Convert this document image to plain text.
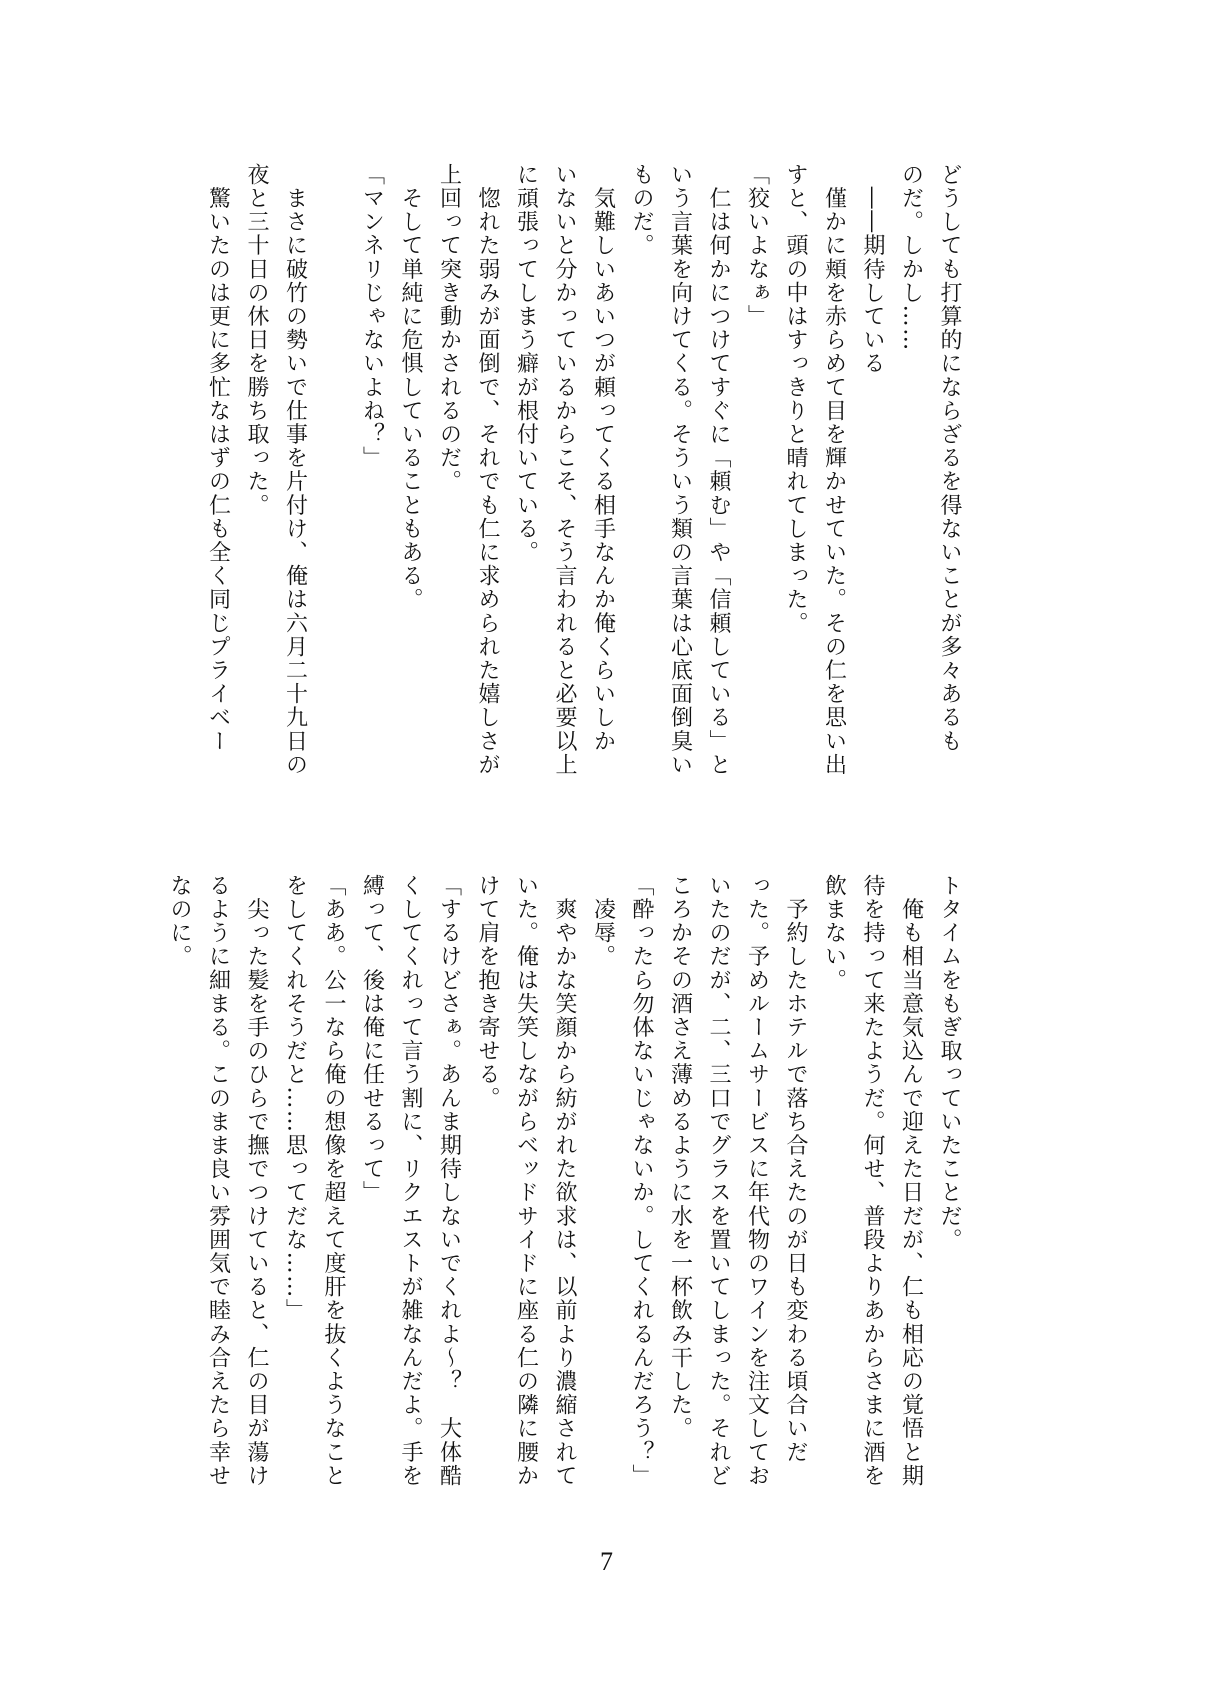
どうしても打算的にならざるを得ないことが多々あるも
のだ。しかし……
　――期待している
　僅かに頬を赤らめて目を輝かせていた。その仁を思い出
すと、頭の中はすっきりと晴れてしまった。
「狡いよなぁ」
　仁は何かにつけてすぐに「頼む」や「信頼している」と
いう言葉を向けてくる。そういう類の言葉は心底面倒臭い
ものだ。
　気難しいあいつが頼ってくる相手なんか俺くらいしか
いないと分かっているからこそ、そう言われると必要以上
に頑張ってしまう癖が根付いている。
　惚れた弱みが面倒で、それでも仁に求められた嬉しさが
上回って突き動かされるのだ。
　そして単純に危惧していることもある。
「マンネリじゃないよね？」
　まさに破竹の勢いで仕事を片付け、俺は六月二十九日の
夜と三十日の休日を勝ち取った。
　驚いたのは更に多忙なはずの仁も全く同じプライベー
トタイムをもぎ取っていたことだ。
　俺も相当意気込んで迎えた日だが、仁も相応の覚悟と期
待を持って来たようだ。何せ、普段よりあからさまに酒を
飲まない。
　予約したホテルで落ち合えたのが日も変わる頃合いだ
った。予めルームサービスに年代物のワインを注文してお
いたのだが、二、三口でグラスを置いてしまった。それど
ころかその酒さえ薄めるように水を一杯飲み干した。
「酔ったら勿体ないじゃないか。してくれるんだろう？」
　凌辱。
　爽やかな笑顔から紡がれた欲求は、以前より濃縮されて
いた。俺は失笑しながらベッドサイドに座る仁の隣に腰か
けて肩を抱き寄せる。
「するけどさぁ。あんま期待しないでくれよ～？　大体酷
くしてくれって言う割に、リクエストが雑なんだよ。手を
縛って、後は俺に任せるって」
「ああ。公一なら俺の想像を超えて度肝を抜くようなこと
をしてくれそうだと……思ってだな……」
　尖った髪を手のひらで撫でつけていると、仁の目が蕩け
るように細まる。このまま良い雰囲気で睦み合えたら幸せ
なのに。
7
